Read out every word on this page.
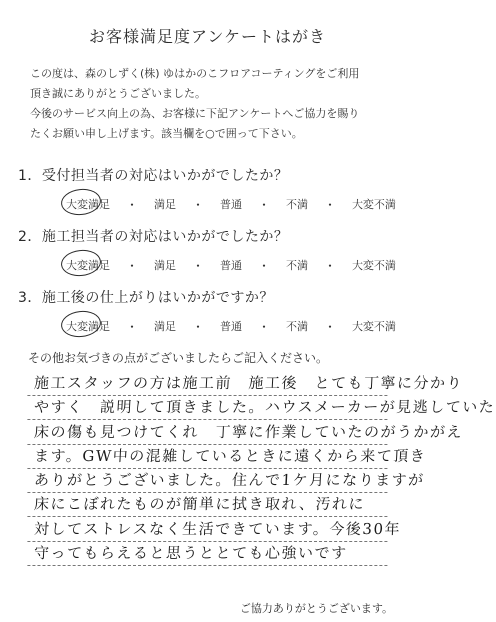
お客様満足度アンケートはがき

この度は、森のしずく(株) ゆはかのこフロアコーティングをご利用

頂き誠にありがとうございました。

今後のサービス向上の為、お客様に下記アンケートへご協力を賜り

たくお願い申し上げます。該当欄を○で囲って下さい。

1．受付担当者の対応はいかがでしたか？
大変満足 ・ 満足 ・ 普通 ・ 不満 ・ 大変不満
2．施工担当者の対応はいかがでしたか？
大変満足 ・ 満足 ・ 普通 ・ 不満 ・ 大変不満
3．施工後の仕上がりはいかがですか？
大変満足 ・ 満足 ・ 普通 ・ 不満 ・ 大変不満
その他お気づきの点がございましたらご記入ください。
施工スタッフの方は施工前　施工後　とても丁寧に分かり
やすく　説明して頂きました。ハウスメーカーが見逃していた
床の傷も見つけてくれ　丁寧に作業していたのがうかがえ
ます。GW中の混雑しているときに遠くから来て頂き
ありがとうございました。住んで1ケ月になりますが
床にこぼれたものが簡単に拭き取れ、汚れに
対してストレスなく生活できています。今後30年
守ってもらえると思うととても心強いです
ご協力ありがとうございます。
